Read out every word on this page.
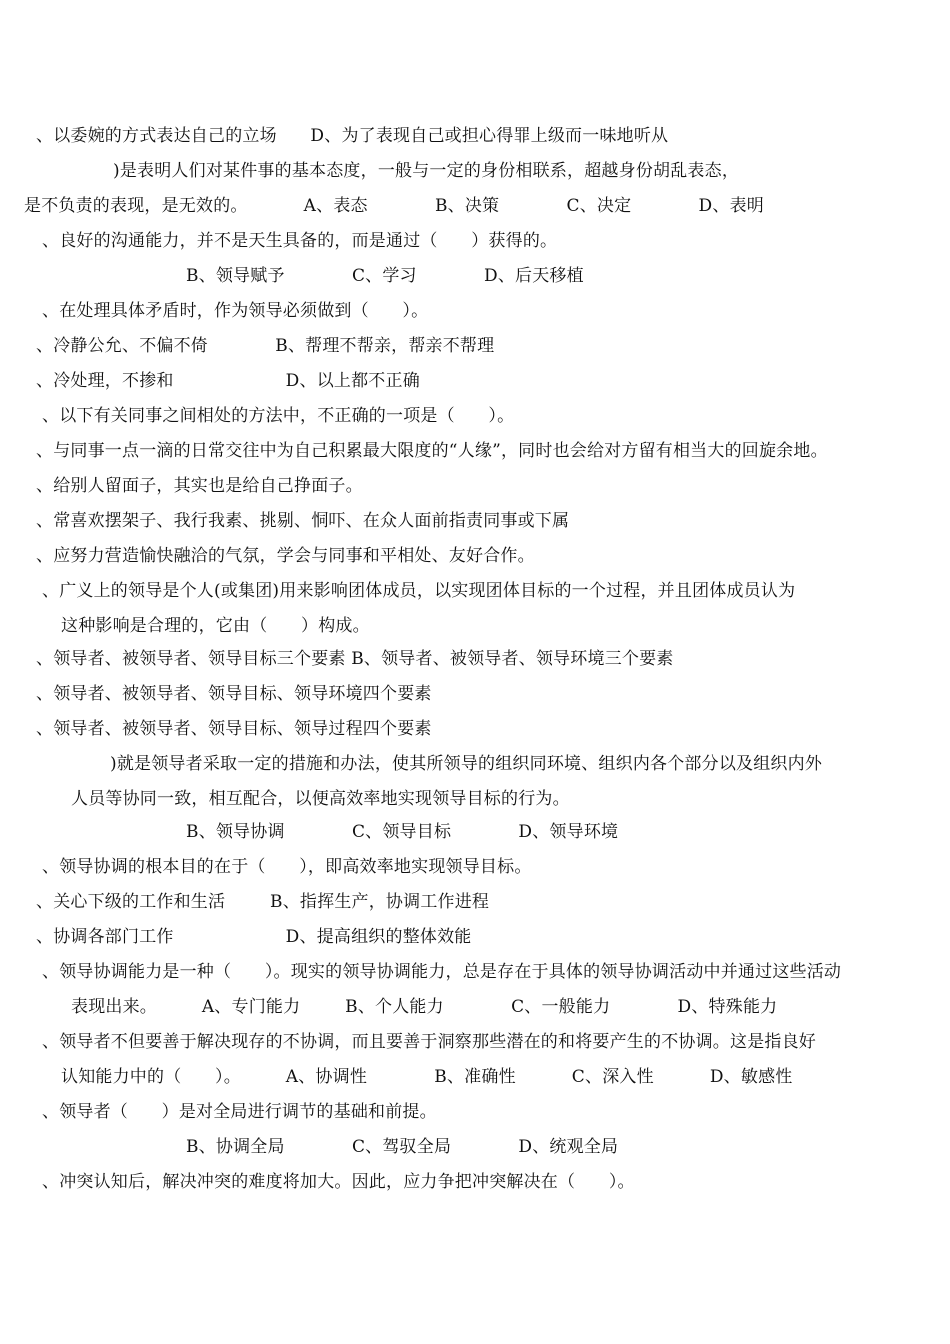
、以委婉的方式表达自己的立场      D、为了表现自己或担心得罪上级而一味地听从
)是表明人们对某件事的基本态度，一般与一定的身份相联系，超越身份胡乱表态，
是不负责的表现，是无效的。          A、表态            B、决策            C、决定            D、表明
、良好的沟通能力，并不是天生具备的，而是通过（      ）获得的。
B、领导赋予            C、学习            D、后天移植
、在处理具体矛盾时，作为领导必须做到（      ）。
、冷静公允、不偏不倚            B、帮理不帮亲，帮亲不帮理
、冷处理，不掺和                    D、以上都不正确
、以下有关同事之间相处的方法中，不正确的一项是（      ）。
、与同事一点一滴的日常交往中为自己积累最大限度的“人缘”，同时也会给对方留有相当大的回旋余地。
、给别人留面子，其实也是给自己挣面子。
、常喜欢摆架子、我行我素、挑剔、恫吓、在众人面前指责同事或下属
、应努力营造愉快融洽的气氛，学会与同事和平相处、友好合作。
、广义上的领导是个人(或集团)用来影响团体成员，以实现团体目标的一个过程，并且团体成员认为
这种影响是合理的，它由（      ）构成。
、领导者、被领导者、领导目标三个要素 B、领导者、被领导者、领导环境三个要素
、领导者、被领导者、领导目标、领导环境四个要素
、领导者、被领导者、领导目标、领导过程四个要素
)就是领导者采取一定的措施和办法，使其所领导的组织同环境、组织内各个部分以及组织内外
人员等协同一致，相互配合，以便高效率地实现领导目标的行为。
B、领导协调            C、领导目标            D、领导环境
、领导协调的根本目的在于（      ），即高效率地实现领导目标。
、关心下级的工作和生活        B、指挥生产，协调工作进程
、协调各部门工作                    D、提高组织的整体效能
、领导协调能力是一种（      ）。现实的领导协调能力，总是存在于具体的领导协调活动中并通过这些活动
表现出来。        A、专门能力        B、个人能力            C、一般能力            D、特殊能力
、领导者不但要善于解决现存的不协调，而且要善于洞察那些潜在的和将要产生的不协调。这是指良好
认知能力中的（      ）。        A、协调性            B、准确性          C、深入性          D、敏感性
、领导者（      ）是对全局进行调节的基础和前提。
B、协调全局            C、驾驭全局            D、统观全局
、冲突认知后，解决冲突的难度将加大。因此，应力争把冲突解决在（      ）。
